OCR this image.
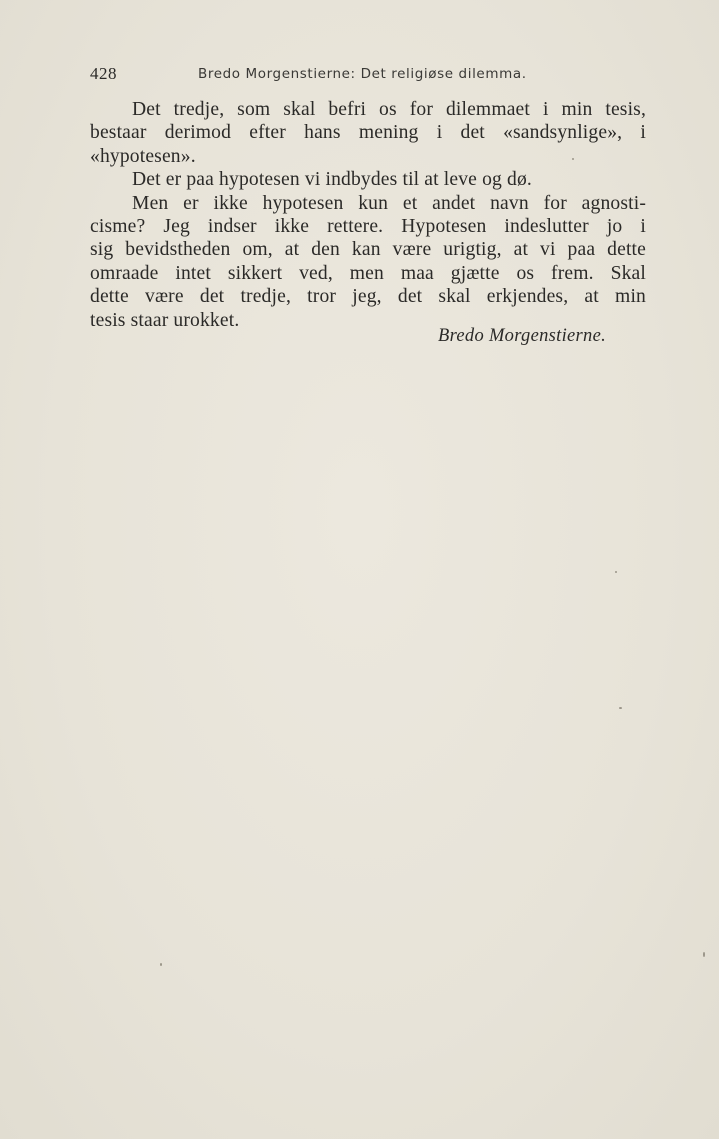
428	Bredo Morgenstierne: Det religiøse dilemma.
Det tredje, som skal befri os for dilemmaet i min tesis,
bestaar derimod efter hans mening i det «sandsynlige», i
«hypotesen».
Det er paa hypotesen vi indbydes til at leve og dø.
Men er ikke hypotesen kun et andet navn for agnosti-
cisme? Jeg indser ikke rettere. Hypotesen indeslutter jo i
sig bevidstheden om, at den kan være urigtig, at vi paa dette
omraade intet sikkert ved, men maa gjætte os frem. Skal
dette være det tredje, tror jeg, det skal erkjendes, at min
tesis staar urokket.
Bredo Morgenstierne.
